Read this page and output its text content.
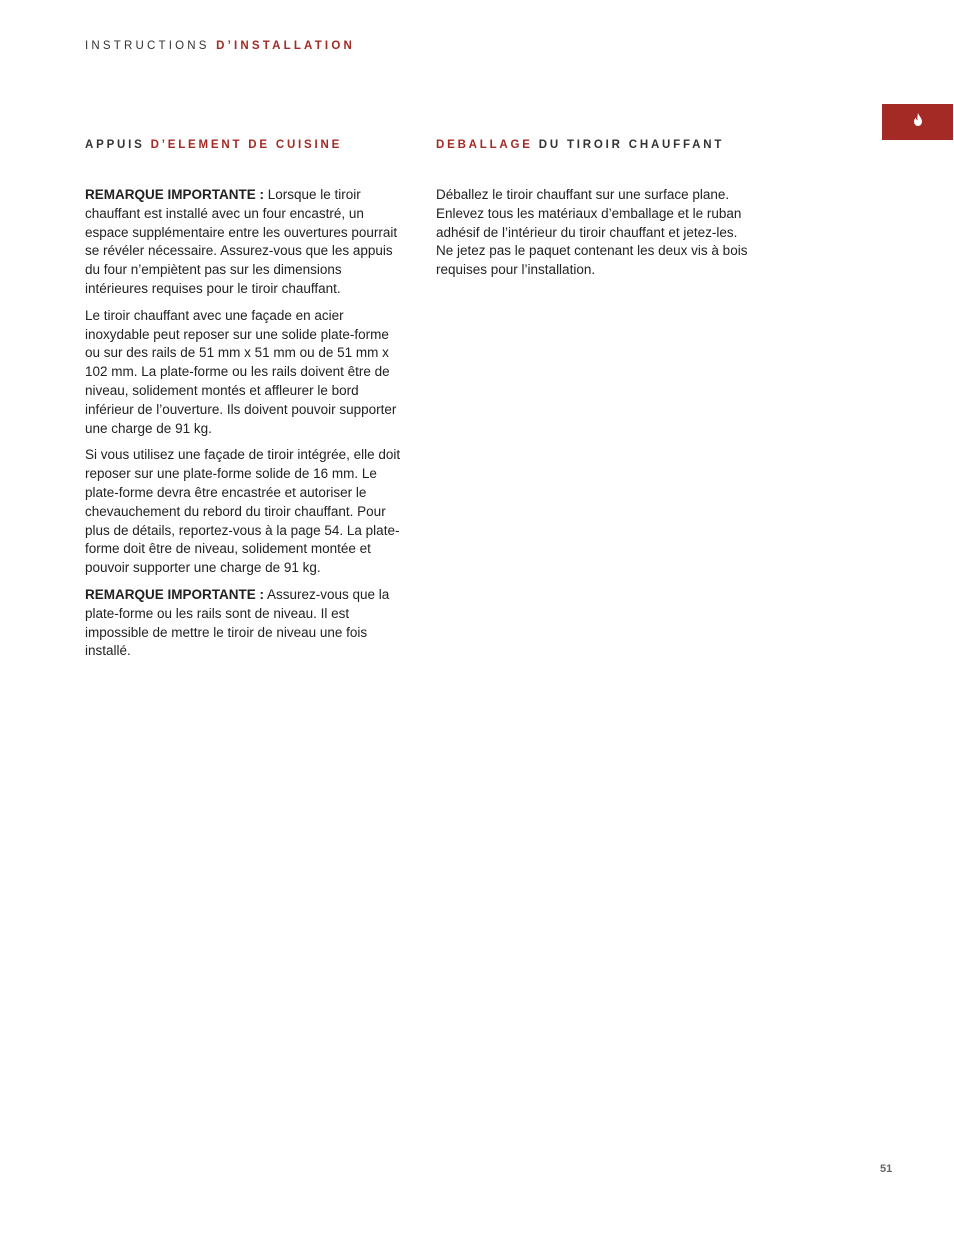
INSTRUCTIONS D’INSTALLATION
APPUIS D’ELEMENT DE CUISINE

REMARQUE IMPORTANTE : Lorsque le tiroir chauffant est installé avec un four encastré, un espace supplémentaire entre les ouvertures pourrait se révéler nécessaire. Assurez-vous que les appuis du four n’empiètent pas sur les dimensions intérieures requises pour le tiroir chauffant.

Le tiroir chauffant avec une façade en acier inoxydable peut reposer sur une solide plate-forme ou sur des rails de 51 mm x 51 mm ou de 51 mm x 102 mm. La plate-forme ou les rails doivent être de niveau, solidement montés et affleurer le bord inférieur de l’ouverture. Ils doivent pouvoir supporter une charge de 91 kg.

Si vous utilisez une façade de tiroir intégrée, elle doit reposer sur une plate-forme solide de 16 mm. Le plate-forme devra être encastrée et autoriser le chevauchement du rebord du tiroir chauffant. Pour plus de détails, reportez-vous à la page 54. La plate-forme doit être de niveau, solidement montée et pouvoir supporter une charge de 91 kg.

REMARQUE IMPORTANTE : Assurez-vous que la plate-forme ou les rails sont de niveau. Il est impossible de mettre le tiroir de niveau une fois installé.

DEBALLAGE DU TIROIR CHAUFFANT

Déballez le tiroir chauffant sur une surface plane. Enlevez tous les matériaux d’emballage et le ruban adhésif de l’intérieur du tiroir chauffant et jetez-les. Ne jetez pas le paquet contenant les deux vis à bois requises pour l’installation.

51
